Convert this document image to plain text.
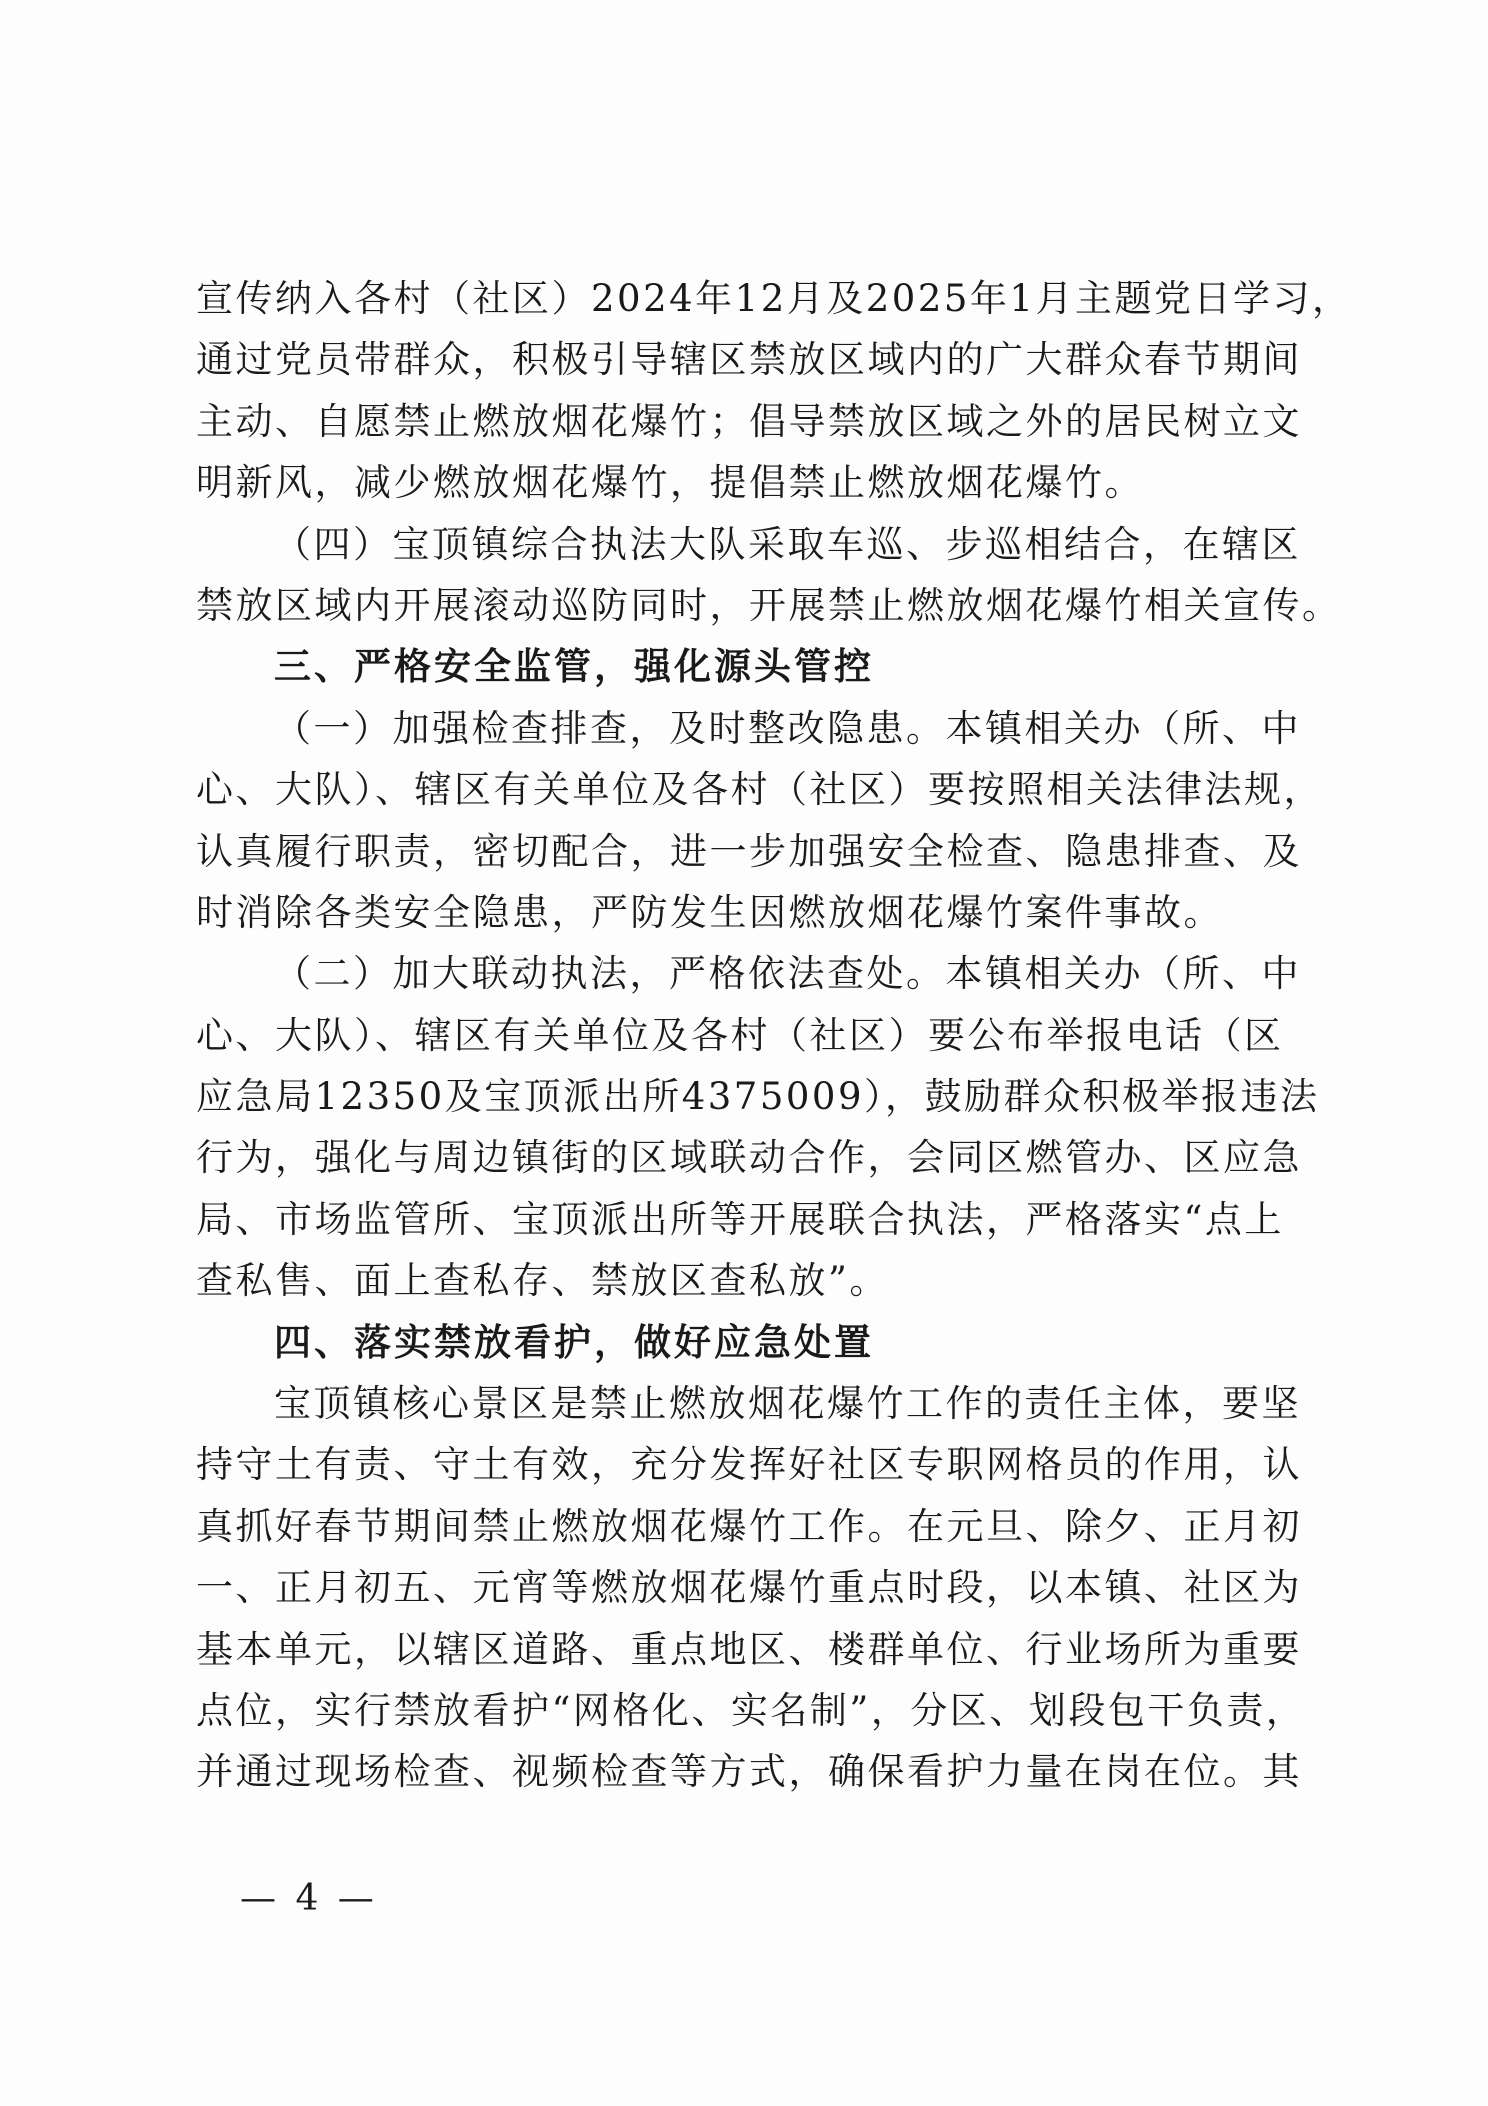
宣传纳入各村（社区）2024年12月及2025年1月主题党日学习，
通过党员带群众，积极引导辖区禁放区域内的广大群众春节期间
主动、自愿禁止燃放烟花爆竹；倡导禁放区域之外的居民树立文
明新风，减少燃放烟花爆竹，提倡禁止燃放烟花爆竹。
（四）宝顶镇综合执法大队采取车巡、步巡相结合，在辖区
禁放区域内开展滚动巡防同时，开展禁止燃放烟花爆竹相关宣传。
三、严格安全监管，强化源头管控
（一）加强检查排查，及时整改隐患。本镇相关办（所、中
心、大队）、辖区有关单位及各村（社区）要按照相关法律法规，
认真履行职责，密切配合，进一步加强安全检查、隐患排查、及
时消除各类安全隐患，严防发生因燃放烟花爆竹案件事故。
（二）加大联动执法，严格依法查处。本镇相关办（所、中
心、大队）、辖区有关单位及各村（社区）要公布举报电话（区
应急局12350及宝顶派出所4375009），鼓励群众积极举报违法
行为，强化与周边镇街的区域联动合作，会同区燃管办、区应急
局、市场监管所、宝顶派出所等开展联合执法，严格落实“点上
查私售、面上查私存、禁放区查私放”。
四、落实禁放看护，做好应急处置
宝顶镇核心景区是禁止燃放烟花爆竹工作的责任主体，要坚
持守土有责、守土有效，充分发挥好社区专职网格员的作用，认
真抓好春节期间禁止燃放烟花爆竹工作。在元旦、除夕、正月初
一、正月初五、元宵等燃放烟花爆竹重点时段，以本镇、社区为
基本单元，以辖区道路、重点地区、楼群单位、行业场所为重要
点位，实行禁放看护“网格化、实名制”，分区、划段包干负责，
并通过现场检查、视频检查等方式，确保看护力量在岗在位。其
— 4 —
